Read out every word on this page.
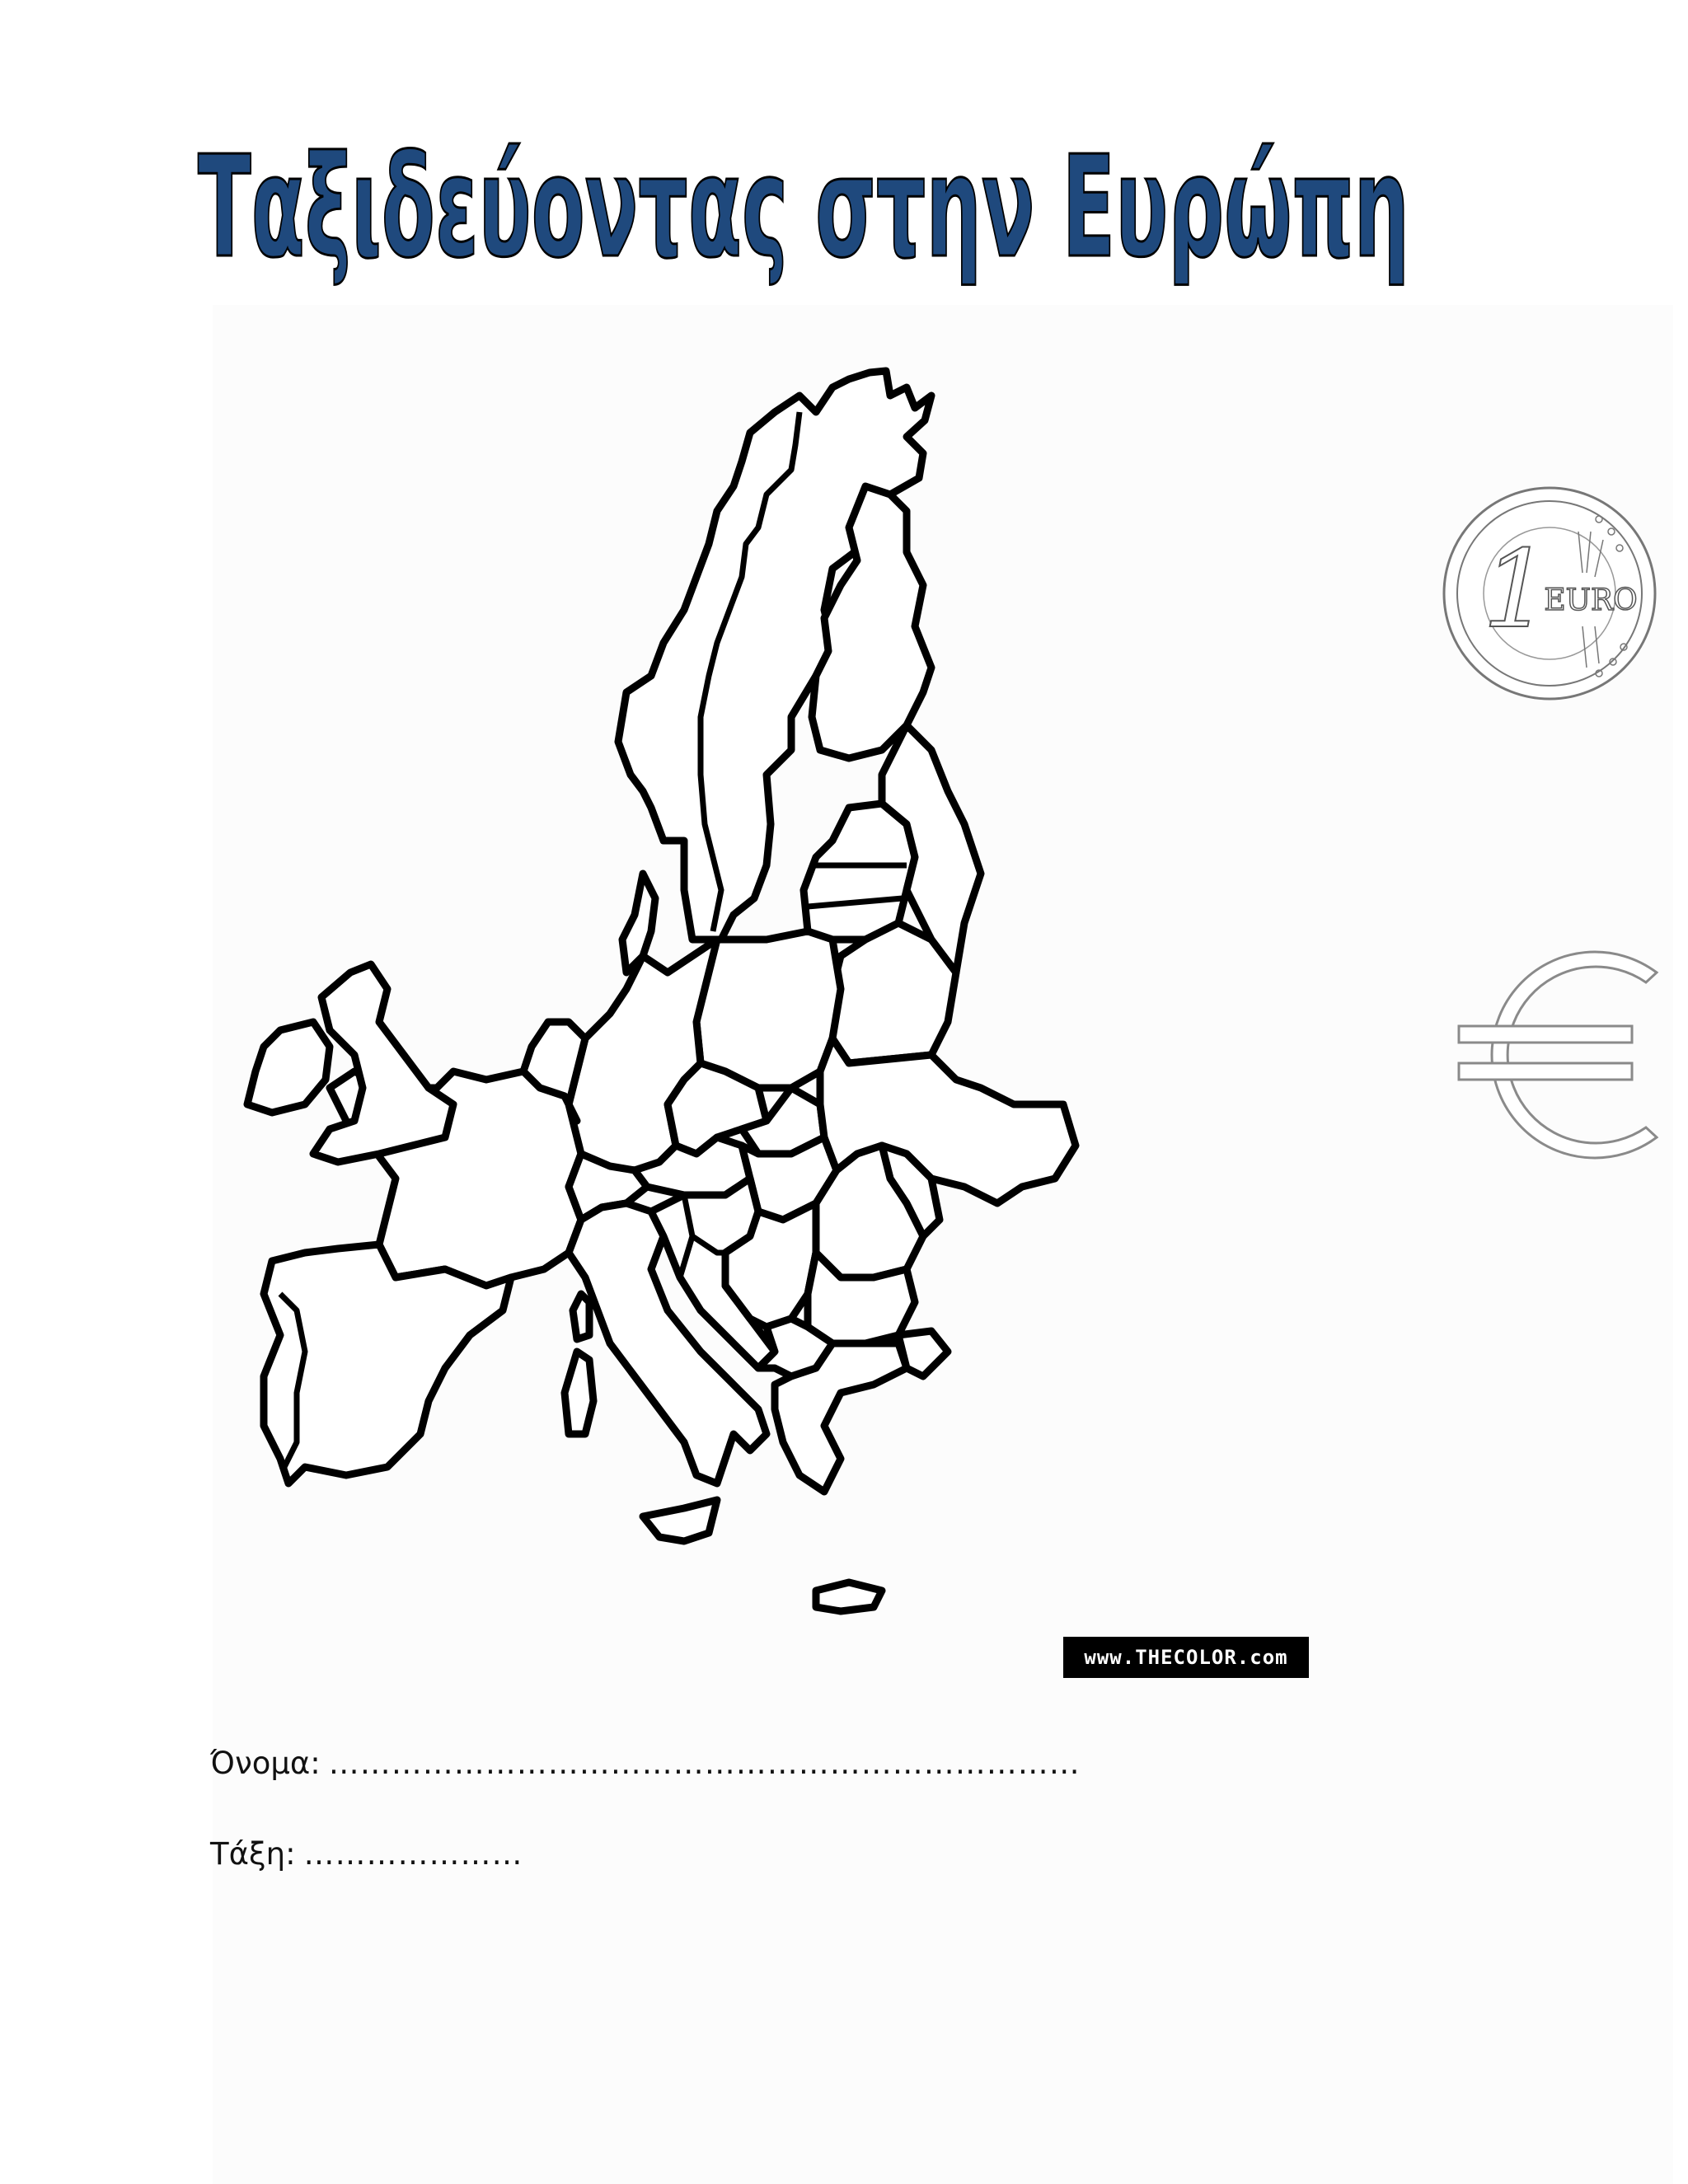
Ταξιδεύοντας στην Ευρώπη
www.THECOLOR.com
1
EURO
Όνομα: ………………………………………………………………
Τάξη: …………………
